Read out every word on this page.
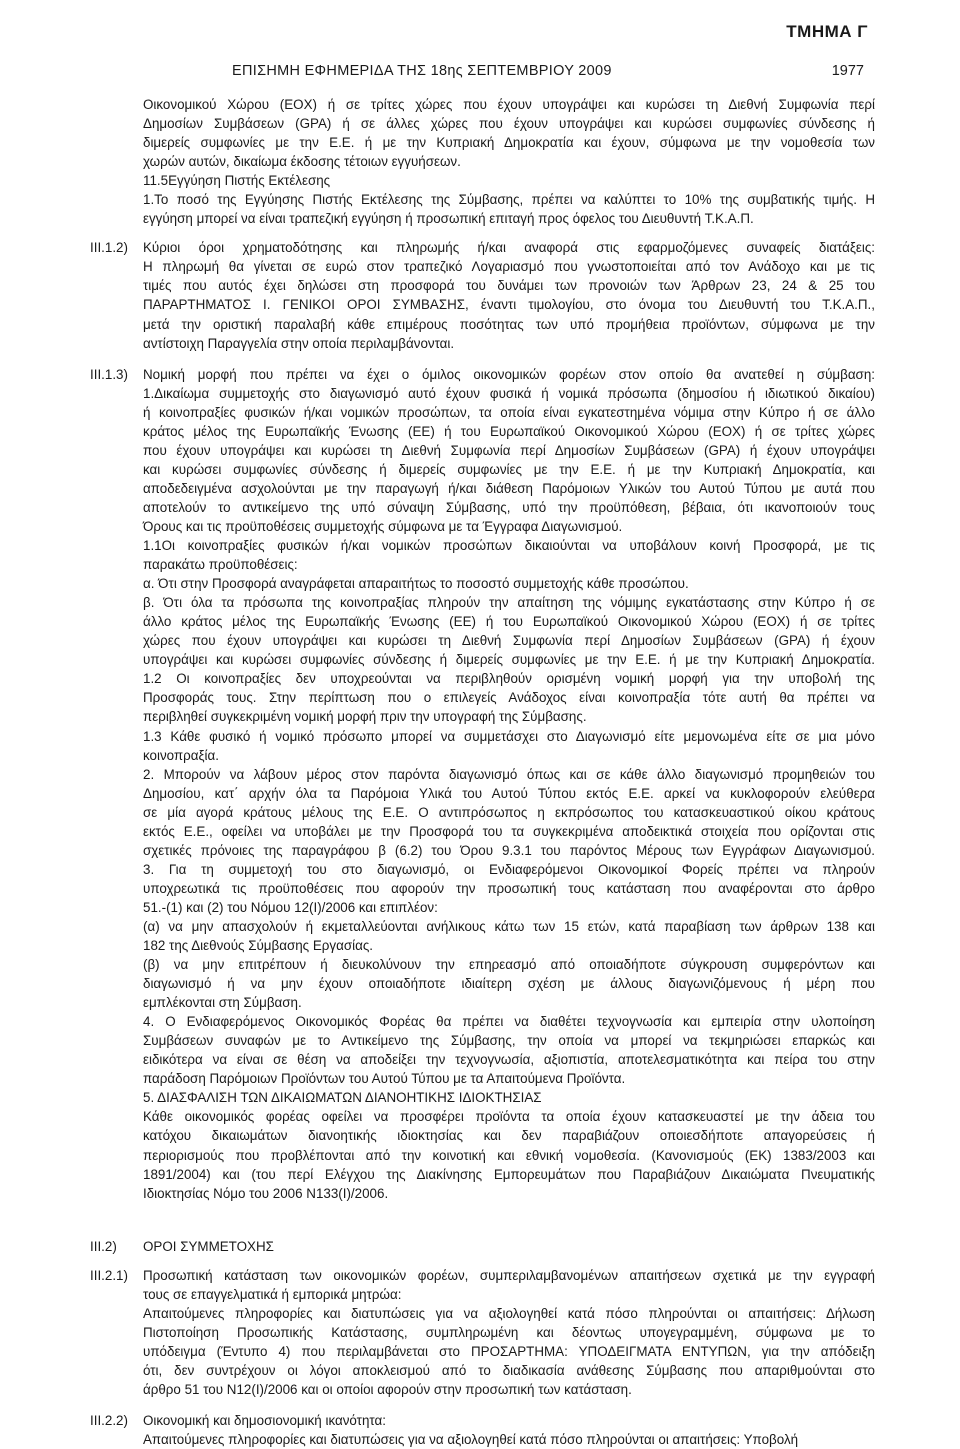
ΤΜΗΜΑ Γ
ΕΠΙΣΗΜΗ ΕΦΗΜΕΡΙΔΑ ΤΗΣ 18ης ΣΕΠΤΕΜΒΡΙΟΥ 2009	1977
Οικονομικού Χώρου (ΕΟΧ) ή σε τρίτες χώρες που έχουν υπογράψει και κυρώσει τη Διεθνή Συμφωνία περί
Δημοσίων Συμβάσεων (GPA) ή σε άλλες χώρες που έχουν υπογράψει και κυρώσει συμφωνίες σύνδεσης ή
διμερείς συμφωνίες με την Ε.Ε. ή με την Κυπριακή Δημοκρατία και έχουν, σύμφωνα με την νομοθεσία των
χωρών αυτών, δικαίωμα έκδοσης τέτοιων εγγυήσεων.
11.5Εγγύηση Πιστής Εκτέλεσης
1.Το ποσό της Εγγύησης Πιστής Εκτέλεσης της Σύμβασης, πρέπει να καλύπτει το 10% της συμβατικής τιμής. Η
εγγύηση μπορεί να είναι τραπεζική εγγύηση ή προσωπική επιταγή προς όφελος του Διευθυντή Τ.Κ.Α.Π.
III.1.2)	Κύριοι όροι χρηματοδότησης και πληρωμής ή/και αναφορά στις εφαρμοζόμενες συναφείς διατάξεις:
Η πληρωμή θα γίνεται σε ευρώ στον τραπεζικό Λογαριασμό που γνωστοποιείται από τον Ανάδοχο και με τις
τιμές που αυτός έχει δηλώσει στη προσφορά του δυνάμει των προνοιών των Άρθρων 23, 24 & 25 του
ΠΑΡΑΡΤΗΜΑΤΟΣ Ι. ΓΕΝΙΚΟΙ ΟΡΟΙ ΣΥΜΒΑΣΗΣ, έναντι τιμολογίου, στο όνομα του Διευθυντή του Τ.Κ.Α.Π.,
μετά την οριστική παραλαβή κάθε επιμέρους ποσότητας των υπό προμήθεια προϊόντων, σύμφωνα με την
αντίστοιχη Παραγγελία στην οποία περιλαμβάνονται.
III.1.3)	Νομική μορφή που πρέπει να έχει ο όμιλος οικονομικών φορέων στον οποίο θα ανατεθεί η σύμβαση:
1.Δικαίωμα συμμετοχής στο διαγωνισμό αυτό έχουν φυσικά ή νομικά πρόσωπα (δημοσίου ή ιδιωτικού δικαίου)
ή κοινοπραξίες φυσικών ή/και νομικών προσώπων, τα οποία είναι εγκατεστημένα νόμιμα στην Κύπρο ή σε άλλο
κράτος μέλος της Ευρωπαϊκής Ένωσης (ΕΕ) ή του Ευρωπαϊκού Οικονομικού Χώρου (ΕΟΧ) ή σε τρίτες χώρες
που έχουν υπογράψει και κυρώσει τη Διεθνή Συμφωνία περί Δημοσίων Συμβάσεων (GPA) ή έχουν υπογράψει
και κυρώσει συμφωνίες σύνδεσης ή διμερείς συμφωνίες με την Ε.Ε. ή με την Κυπριακή Δημοκρατία, και
αποδεδειγμένα ασχολούνται με την παραγωγή ή/και διάθεση Παρόμοιων Υλικών του Αυτού Τύπου με αυτά που
αποτελούν το αντικείμενο της υπό σύναψη Σύμβασης, υπό την προϋπόθεση, βέβαια, ότι ικανοποιούν τους
Όρους και τις προϋποθέσεις συμμετοχής σύμφωνα με τα Έγγραφα Διαγωνισμού.
1.1Οι κοινοπραξίες φυσικών ή/και νομικών προσώπων δικαιούνται να υποβάλουν κοινή Προσφορά, με τις
παρακάτω προϋποθέσεις:
α. Ότι στην Προσφορά αναγράφεται απαραιτήτως το ποσοστό συμμετοχής κάθε προσώπου.
β. Ότι όλα τα πρόσωπα της κοινοπραξίας πληρούν την απαίτηση της νόμιμης εγκατάστασης στην Κύπρο ή σε
άλλο κράτος μέλος της Ευρωπαϊκής Ένωσης (ΕΕ) ή του Ευρωπαϊκού Οικονομικού Χώρου (ΕΟΧ) ή σε τρίτες
χώρες που έχουν υπογράψει και κυρώσει τη Διεθνή Συμφωνία περί Δημοσίων Συμβάσεων (GPA) ή έχουν
υπογράψει και κυρώσει συμφωνίες σύνδεσης ή διμερείς συμφωνίες με την Ε.Ε. ή με την Κυπριακή Δημοκρατία.
1.2 Οι κοινοπραξίες δεν υποχρεούνται να περιβληθούν ορισμένη νομική μορφή για την υποβολή της
Προσφοράς τους. Στην περίπτωση που ο επιλεγείς Ανάδοχος είναι κοινοπραξία τότε αυτή θα πρέπει να
περιβληθεί συγκεκριμένη νομική μορφή πριν την υπογραφή της Σύμβασης.
1.3 Κάθε φυσικό ή νομικό πρόσωπο μπορεί να συμμετάσχει στο Διαγωνισμό είτε μεμονωμένα είτε σε μια μόνο
κοινοπραξία.
2. Μπορούν να λάβουν μέρος στον παρόντα διαγωνισμό όπως και σε κάθε άλλο διαγωνισμό προμηθειών του
Δημοσίου, κατ΄ αρχήν όλα τα Παρόμοια Υλικά του Αυτού Τύπου εκτός Ε.Ε. αρκεί να κυκλοφορούν ελεύθερα
σε μία αγορά κράτους μέλους της Ε.Ε. Ο αντιπρόσωπος η εκπρόσωπος του κατασκευαστικού οίκου κράτους
εκτός Ε.Ε., οφείλει να υποβάλει με την Προσφορά του τα συγκεκριμένα αποδεικτικά στοιχεία που ορίζονται στις
σχετικές πρόνοιες της παραγράφου β (6.2) του Όρου 9.3.1 του παρόντος Μέρους των Εγγράφων Διαγωνισμού.
3. Για τη συμμετοχή του στο διαγωνισμό, οι Ενδιαφερόμενοι Οικονομικοί Φορείς πρέπει να πληρούν
υποχρεωτικά τις προϋποθέσεις που αφορούν την προσωπική τους κατάσταση που αναφέρονται στο άρθρο
51.-(1) και (2) του Νόμου 12(Ι)/2006 και επιπλέον:
(α) να μην απασχολούν ή εκμεταλλεύονται ανήλικους κάτω των 15 ετών, κατά παραβίαση των άρθρων 138 και
182 της Διεθνούς Σύμβασης Εργασίας.
(β) να μην επιτρέπουν ή διευκολύνουν την επηρεασμό από οποιαδήποτε σύγκρουση συμφερόντων και
διαγωνισμό ή να μην έχουν οποιαδήποτε ιδιαίτερη σχέση με άλλους διαγωνιζόμενους ή μέρη που
εμπλέκονται στη Σύμβαση.
4. Ο Ενδιαφερόμενος Οικονομικός Φορέας θα πρέπει να διαθέτει τεχνογνωσία και εμπειρία στην υλοποίηση
Συμβάσεων συναφών με το Αντικείμενο της Σύμβασης, την οποία να μπορεί να τεκμηριώσει επαρκώς και
ειδικότερα να είναι σε θέση να αποδείξει την τεχνογνωσία, αξιοπιστία, αποτελεσματικότητα και πείρα του στην
παράδοση Παρόμοιων Προϊόντων του Αυτού Τύπου με τα Απαιτούμενα Προϊόντα.
5. ΔΙΑΣΦΑΛΙΣΗ ΤΩΝ ΔΙΚΑΙΩΜΑΤΩΝ ΔΙΑΝΟΗΤΙΚΗΣ ΙΔΙΟΚΤΗΣΙΑΣ
Κάθε οικονομικός φορέας οφείλει να προσφέρει προϊόντα τα οποία έχουν κατασκευαστεί με την άδεια του
κατόχου δικαιωμάτων διανοητικής ιδιοκτησίας και δεν παραβιάζουν οποιεσδήποτε απαγορεύσεις ή
περιορισμούς που προβλέπονται από την κοινοτική και εθνική νομοθεσία. (Κανονισμούς (ΕΚ) 1383/2003 και
1891/2004) και (του περί Ελέγχου της Διακίνησης Εμπορευμάτων που Παραβιάζουν Δικαιώματα Πνευματικής
Ιδιοκτησίας Νόμο του 2006 Ν133(Ι)/2006.
III.2)	ΟΡΟΙ ΣΥΜΜΕΤΟΧΗΣ
III.2.1)	Προσωπική κατάσταση των οικονομικών φορέων, συμπεριλαμβανομένων απαιτήσεων σχετικά με την εγγραφή
τους σε επαγγελματικά ή εμπορικά μητρώα:
Απαιτούμενες πληροφορίες και διατυπώσεις για να αξιολογηθεί κατά πόσο πληρούνται οι απαιτήσεις: Δήλωση
Πιστοποίηση Προσωπικής Κατάστασης, συμπληρωμένη και δέοντως υπογεγραμμένη, σύμφωνα με το
υπόδειγμα (Έντυπο 4) που περιλαμβάνεται στο ΠΡΟΣΑΡΤΗΜΑ: ΥΠΟΔΕΙΓΜΑΤΑ ΕΝΤΥΠΩΝ, για την απόδειξη
ότι, δεν συντρέχουν οι λόγοι αποκλεισμού από το διαδικασία ανάθεσης Σύμβασης που απαριθμούνται στο
άρθρο 51 του Ν12(Ι)/2006 και οι οποίοι αφορούν στην προσωπική των κατάσταση.
III.2.2)	Οικονομική και δημοσιονομική ικανότητα:
Απαιτούμενες πληροφορίες και διατυπώσεις για να αξιολογηθεί κατά πόσο πληρούνται οι απαιτήσεις: Υποβολή
